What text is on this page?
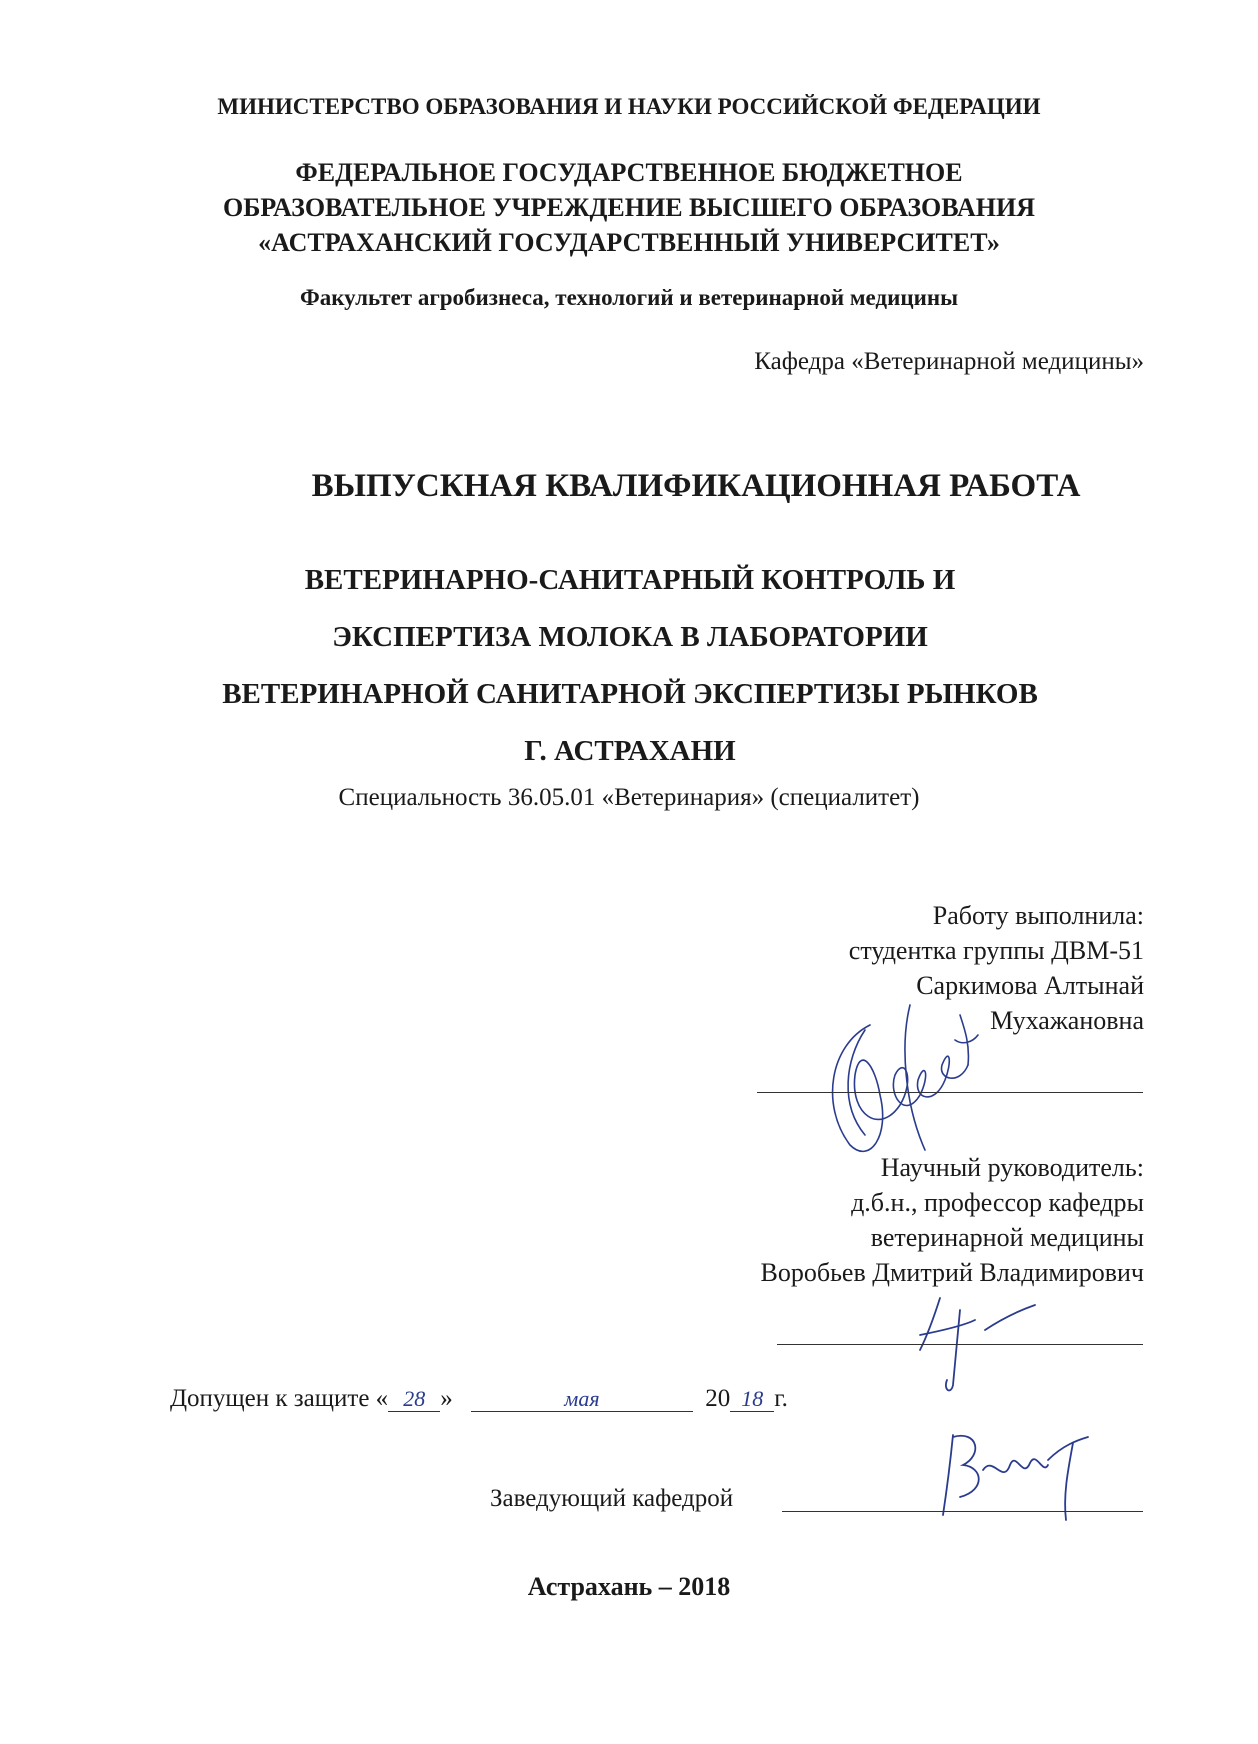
МИНИСТЕРСТВО ОБРАЗОВАНИЯ И НАУКИ РОССИЙСКОЙ ФЕДЕРАЦИИ
ФЕДЕРАЛЬНОЕ ГОСУДАРСТВЕННОЕ БЮДЖЕТНОЕ
ОБРАЗОВАТЕЛЬНОЕ УЧРЕЖДЕНИЕ ВЫСШЕГО ОБРАЗОВАНИЯ
«АСТРАХАНСКИЙ ГОСУДАРСТВЕННЫЙ УНИВЕРСИТЕТ»
Факультет агробизнеса, технологий и ветеринарной медицины
Кафедра «Ветеринарной медицины»
ВЫПУСКНАЯ КВАЛИФИКАЦИОННАЯ РАБОТА
ВЕТЕРИНАРНО-САНИТАРНЫЙ КОНТРОЛЬ И
ЭКСПЕРТИЗА МОЛОКА В ЛАБОРАТОРИИ
ВЕТЕРИНАРНОЙ САНИТАРНОЙ ЭКСПЕРТИЗЫ РЫНКОВ
Г. АСТРАХАНИ
Специальность 36.05.01 «Ветеринария» (специалитет)
Работу выполнила:
студентка группы ДВМ-51
Саркимова Алтынай
Мухажановна
Научный руководитель:
д.б.н., профессор кафедры
ветеринарной медицины
Воробьев Дмитрий Владимирович
Допущен к защите « 28 »	мая	20 18 г.
Заведующий кафедрой
Астрахань – 2018
